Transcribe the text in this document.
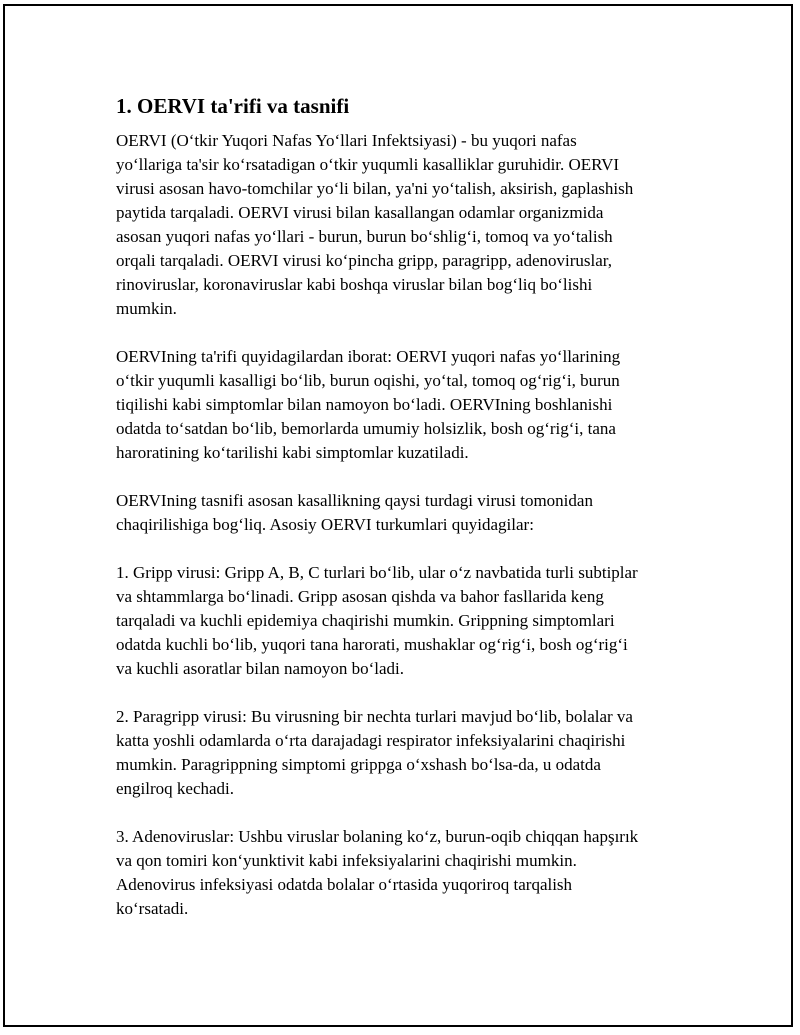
1. OERVI ta'rifi va tasnifi

OERVI (O‘tkir Yuqori Nafas Yo‘llari Infektsiyasi) - bu yuqori nafas
yo‘llariga ta'sir ko‘rsatadigan o‘tkir yuqumli kasalliklar guruhidir. OERVI
virusi asosan havo-tomchilar yo‘li bilan, ya'ni yo‘talish, aksirish, gaplashish
paytida tarqaladi. OERVI virusi bilan kasallangan odamlar organizmida
asosan yuqori nafas yo‘llari - burun, burun bo‘shlig‘i, tomoq va yo‘talish
orqali tarqaladi. OERVI virusi ko‘pincha gripp, paragripp, adenoviruslar,
rinoviruslar, koronaviruslar kabi boshqa viruslar bilan bog‘liq bo‘lishi
mumkin.

OERVIning ta'rifi quyidagilardan iborat: OERVI yuqori nafas yo‘llarining
o‘tkir yuqumli kasalligi bo‘lib, burun oqishi, yo‘tal, tomoq og‘rig‘i, burun
tiqilishi kabi simptomlar bilan namoyon bo‘ladi. OERVIning boshlanishi
odatda to‘satdan bo‘lib, bemorlarda umumiy holsizlik, bosh og‘rig‘i, tana
haroratining ko‘tarilishi kabi simptomlar kuzatiladi.

OERVIning tasnifi asosan kasallikning qaysi turdagi virusi tomonidan
chaqirilishiga bog‘liq. Asosiy OERVI turkumlari quyidagilar:

1. Gripp virusi: Gripp A, B, C turlari bo‘lib, ular o‘z navbatida turli subtiplar
va shtammlarga bo‘linadi. Gripp asosan qishda va bahor fasllarida keng
tarqaladi va kuchli epidemiya chaqirishi mumkin. Grippning simptomlari
odatda kuchli bo‘lib, yuqori tana harorati, mushaklar og‘rig‘i, bosh og‘rig‘i
va kuchli asoratlar bilan namoyon bo‘ladi.

2. Paragripp virusi: Bu virusning bir nechta turlari mavjud bo‘lib, bolalar va
katta yoshli odamlarda o‘rta darajadagi respirator infeksiyalarini chaqirishi
mumkin. Paragrippning simptomi grippga o‘xshash bo‘lsa-da, u odatda
engilroq kechadi.

3. Adenoviruslar: Ushbu viruslar bolaning ko‘z, burun-oqib chiqqan hapşırık
va qon tomiri kon‘yunktivit kabi infeksiyalarini chaqirishi mumkin.
Adenovirus infeksiyasi odatda bolalar o‘rtasida yuqoriroq tarqalish
ko‘rsatadi.
